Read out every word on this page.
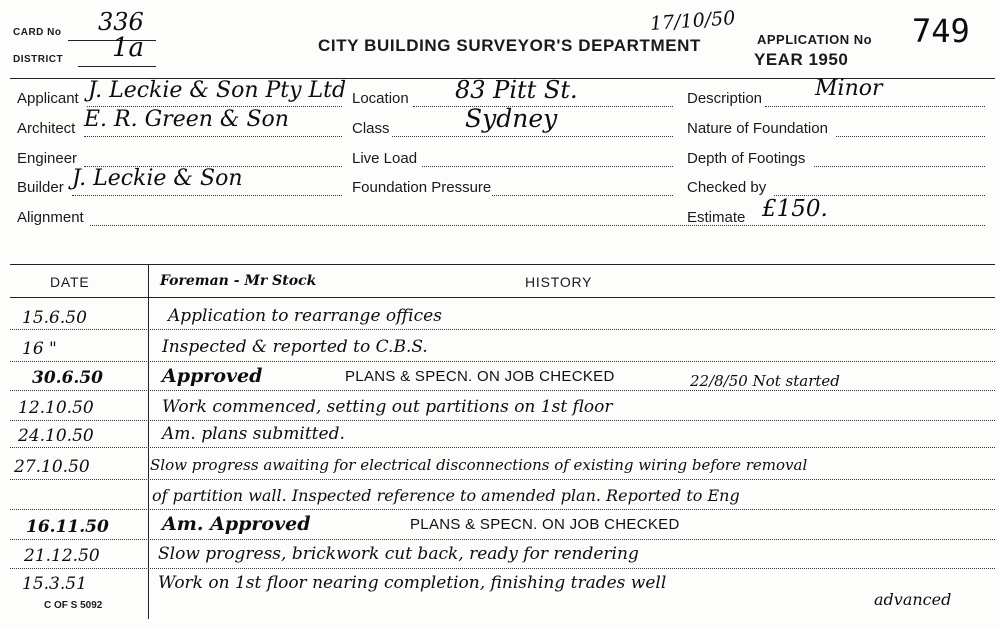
CARD No 336
DISTRICT 1a	CITY BUILDING SURVEYOR'S DEPARTMENT
17/10/50
APPLICATION No 749
YEAR 1950
Applicant J. Leckie & Son Pty Ltd
Architect E. R. Green & Son
Engineer
Builder J. Leckie & Son
Alignment
Location 83 Pitt St.
Class	Sydney
Live Load
Foundation Pressure
Description Minor
Nature of Foundation
Depth of Footings
Checked by
Estimate £150.
DATE	Foreman - Mr Stock	HISTORY
15.6.50	Application to rearrange offices
16 "	Inspected & reported to C.B.S.
30.6.50	Approved	PLANS & SPECN. ON JOB CHECKED	22/8/50 Not started
12.10.50	Work commenced, setting out partitions on 1st floor
24.10.50	Am. plans submitted.
27.10.50	Slow progress awaiting for electrical disconnections of existing wiring before removal
of partition wall. Inspected reference to amended plan. Reported to Eng
16.11.50	Am. Approved	PLANS & SPECN. ON JOB CHECKED
21.12.50	Slow progress, brickwork cut back, ready for rendering
15.3.51	Work on 1st floor nearing completion, finishing trades well
advanced
C OF S 5092
